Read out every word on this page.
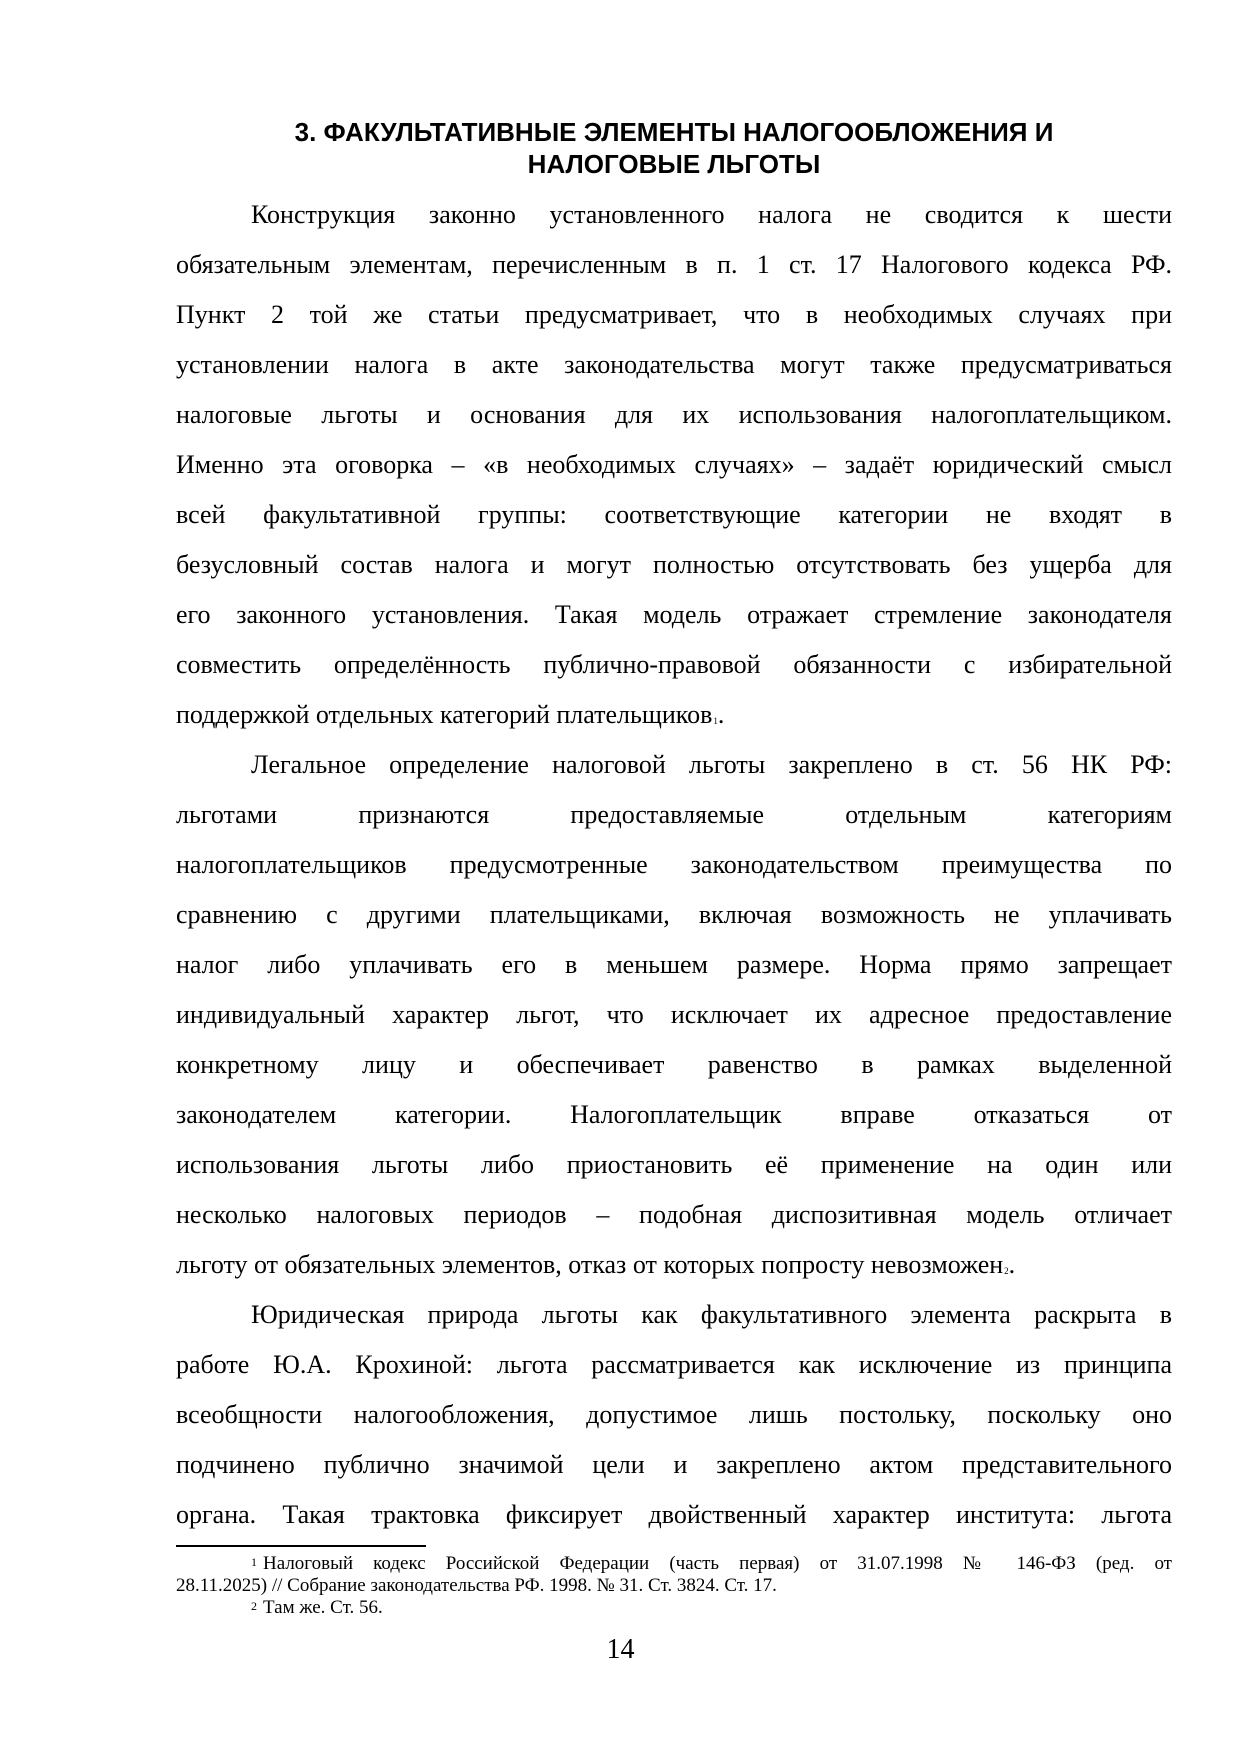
3. ФАКУЛЬТАТИВНЫЕ ЭЛЕМЕНТЫ НАЛОГООБЛОЖЕНИЯ И
НАЛОГОВЫЕ ЛЬГОТЫ
Конструкция законно установленного налога не сводится к шести
обязательным элементам, перечисленным в п. 1 ст. 17 Налогового кодекса РФ.
Пункт 2 той же статьи предусматривает, что в необходимых случаях при
установлении налога в акте законодательства могут также предусматриваться
налоговые льготы и основания для их использования налогоплательщиком.
Именно эта оговорка – «в необходимых случаях» – задаёт юридический смысл
всей факультативной группы: соответствующие категории не входят в
безусловный состав налога и могут полностью отсутствовать без ущерба для
его законного установления. Такая модель отражает стремление законодателя
совместить определённость публично-правовой обязанности с избирательной
поддержкой отдельных категорий плательщиков$^1$.
Легальное определение налоговой льготы закреплено в ст. 56 НК РФ:
льготами признаются предоставляемые отдельным категориям
налогоплательщиков предусмотренные законодательством преимущества по
сравнению с другими плательщиками, включая возможность не уплачивать
налог либо уплачивать его в меньшем размере. Норма прямо запрещает
индивидуальный характер льгот, что исключает их адресное предоставление
конкретному лицу и обеспечивает равенство в рамках выделенной
законодателем категории. Налогоплательщик вправе отказаться от
использования льготы либо приостановить её применение на один или
несколько налоговых периодов – подобная диспозитивная модель отличает
льготу от обязательных элементов, отказ от которых попросту невозможен$^2$.
Юридическая природа льготы как факультативного элемента раскрыта в
работе Ю.А. Крохиной: льгота рассматривается как исключение из принципа
всеобщности налогообложения, допустимое лишь постольку, поскольку оно
подчинено публично значимой цели и закреплено актом представительного
органа. Такая трактовка фиксирует двойственный характер института: льгота
$^1$ Налоговый кодекс Российской Федерации (часть первая) от 31.07.1998 № 146-ФЗ (ред. от
28.11.2025) // Собрание законодательства РФ. 1998. № 31. Ст. 3824. Ст. 17.
$^2$ Там же. Ст. 56.
14
